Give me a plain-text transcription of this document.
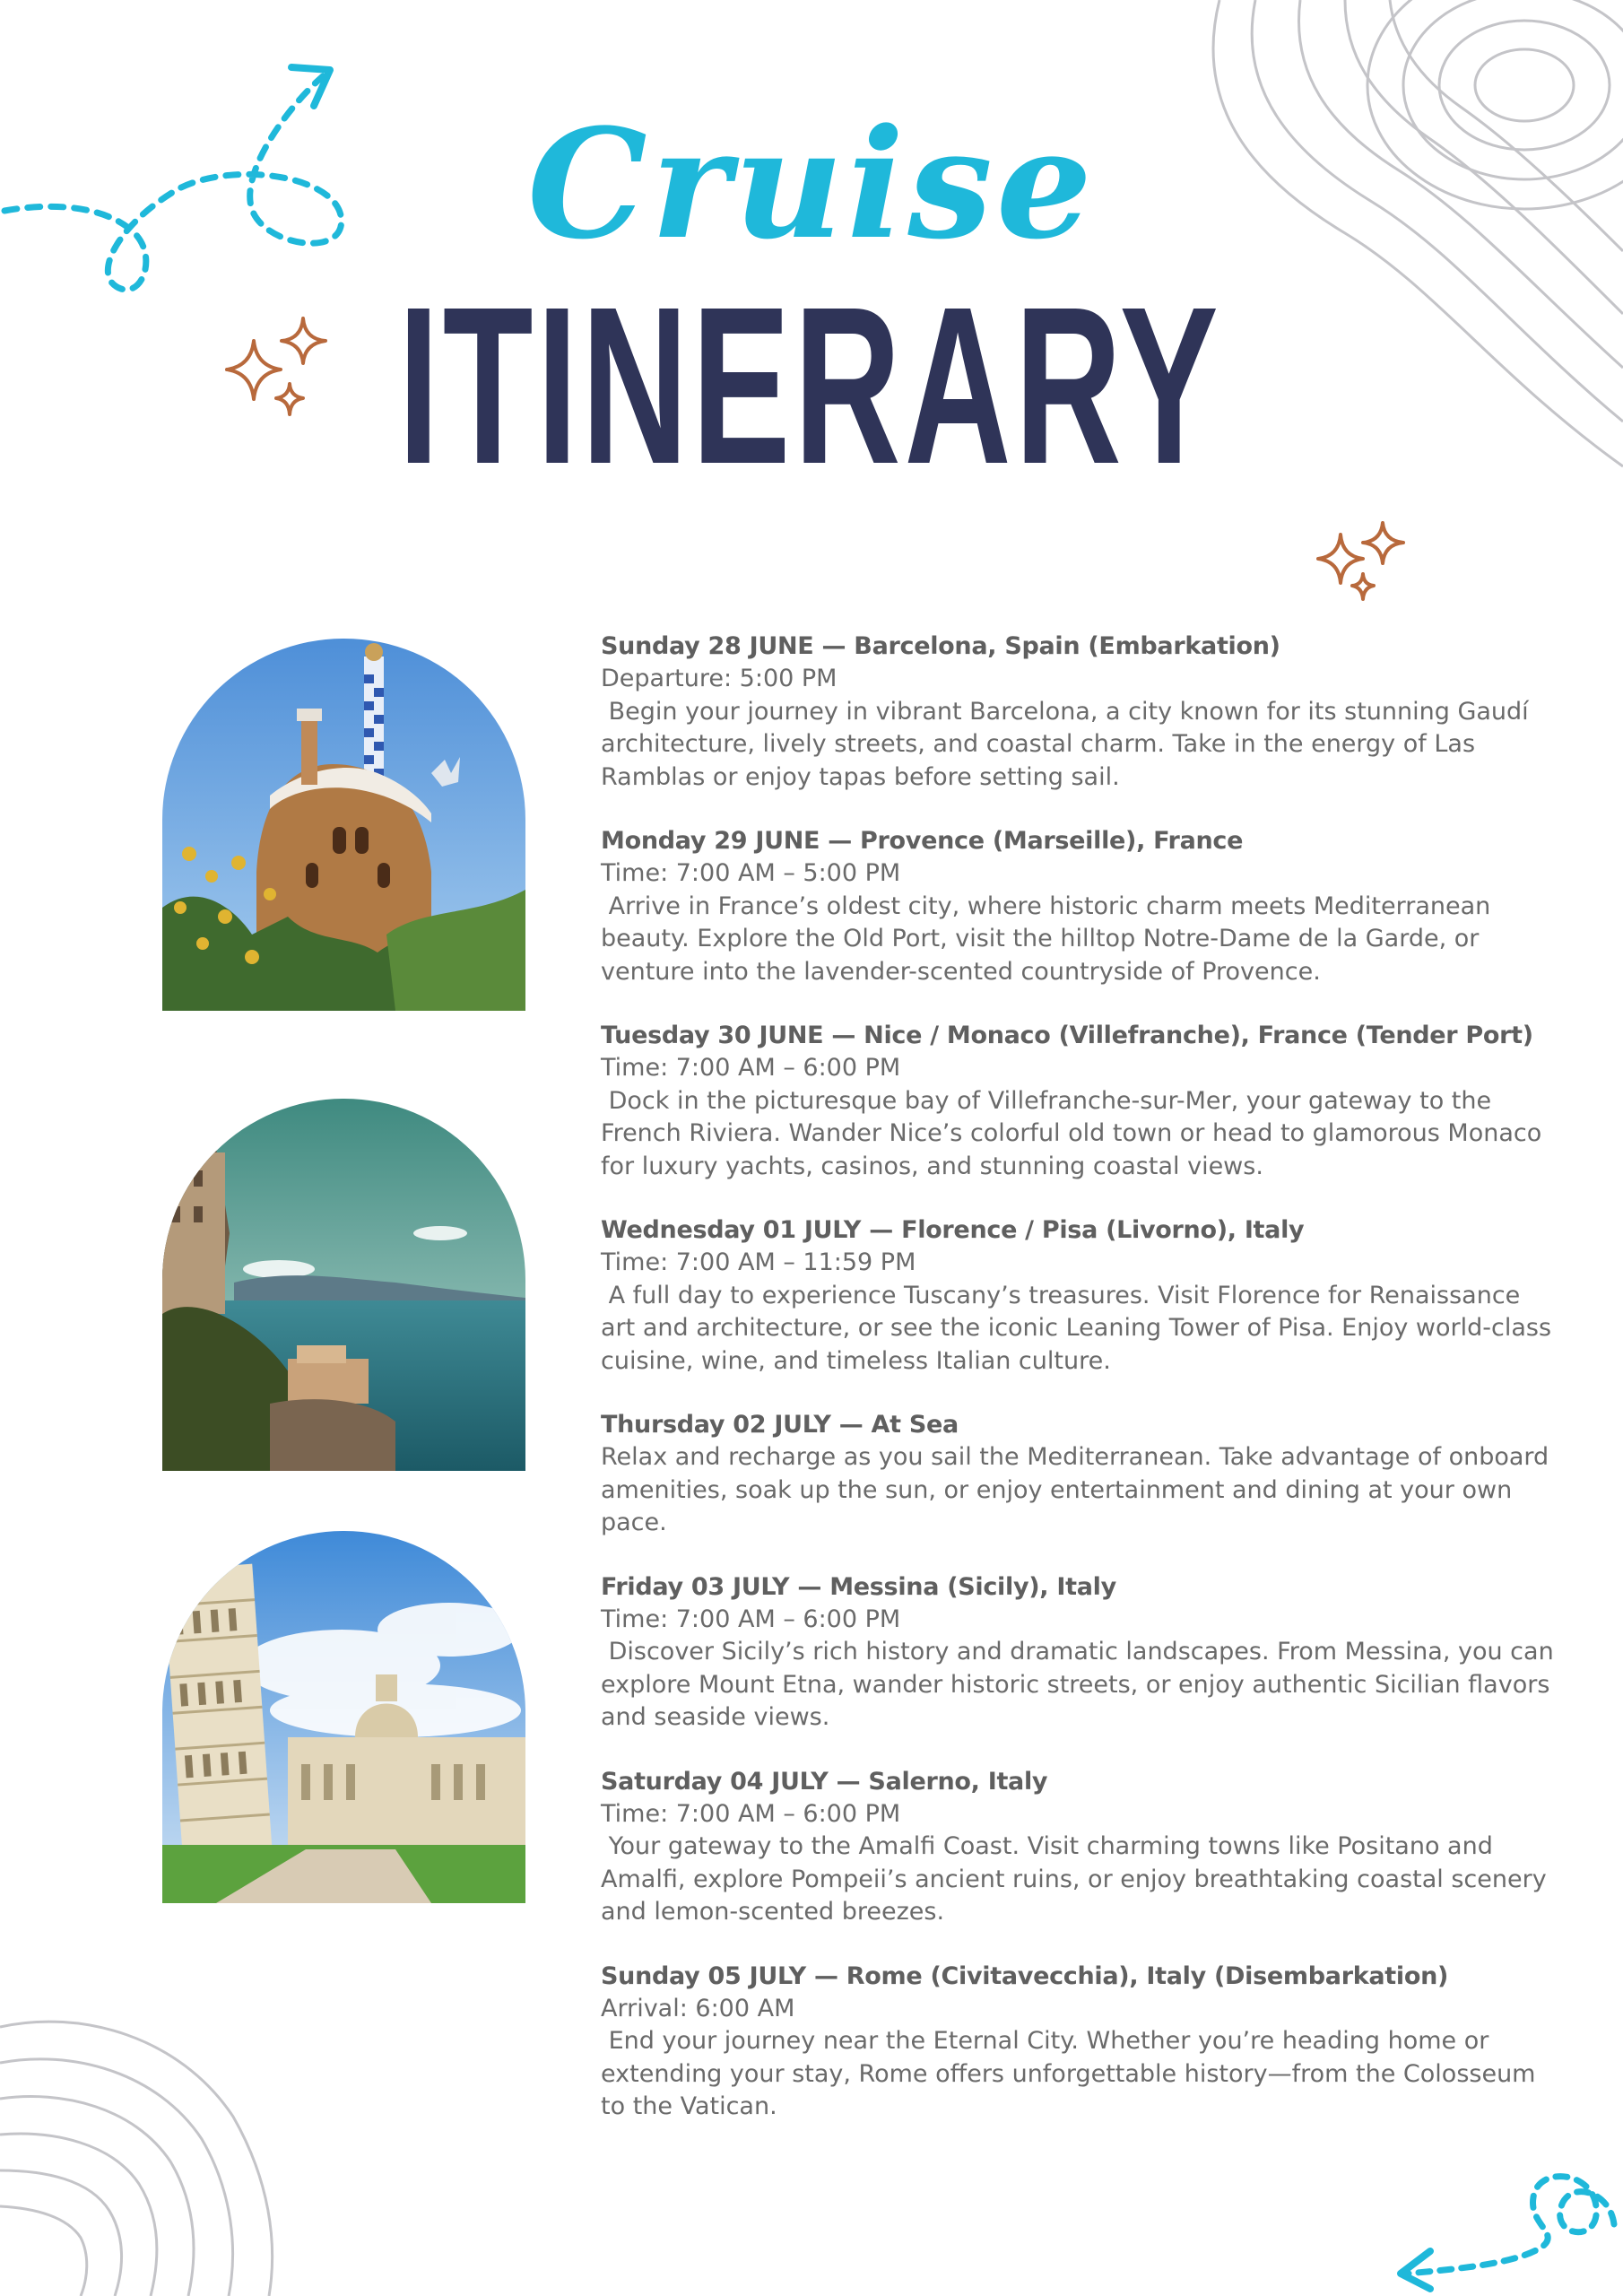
Cruise
ITINERARY

Sunday 28 JUNE — Barcelona, Spain (Embarkation)

Departure: 5:00 PM

Begin your journey in vibrant Barcelona, a city known for its stunning Gaudí architecture, lively streets, and coastal charm. Take in the energy of Las Ramblas or enjoy tapas before setting sail.

Monday 29 JUNE — Provence (Marseille), France

Time: 7:00 AM – 5:00 PM

Arrive in France’s oldest city, where historic charm meets Mediterranean beauty. Explore the Old Port, visit the hilltop Notre-Dame de la Garde, or venture into the lavender-scented countryside of Provence.

Tuesday 30 JUNE — Nice / Monaco (Villefranche), France (Tender Port)

Time: 7:00 AM – 6:00 PM

Dock in the picturesque bay of Villefranche-sur-Mer, your gateway to the French Riviera. Wander Nice’s colorful old town or head to glamorous Monaco for luxury yachts, casinos, and stunning coastal views.

Wednesday 01 JULY — Florence / Pisa (Livorno), Italy

Time: 7:00 AM – 11:59 PM

A full day to experience Tuscany’s treasures. Visit Florence for Renaissance art and architecture, or see the iconic Leaning Tower of Pisa. Enjoy world-class cuisine, wine, and timeless Italian culture.

Thursday 02 JULY — At Sea

Relax and recharge as you sail the Mediterranean. Take advantage of onboard amenities, soak up the sun, or enjoy entertainment and dining at your own pace.

Friday 03 JULY — Messina (Sicily), Italy

Time: 7:00 AM – 6:00 PM

Discover Sicily’s rich history and dramatic landscapes. From Messina, you can explore Mount Etna, wander historic streets, or enjoy authentic Sicilian flavors and seaside views.

Saturday 04 JULY — Salerno, Italy

Time: 7:00 AM – 6:00 PM

Your gateway to the Amalfi Coast. Visit charming towns like Positano and Amalfi, explore Pompeii’s ancient ruins, or enjoy breathtaking coastal scenery and lemon-scented breezes.

Sunday 05 JULY — Rome (Civitavecchia), Italy (Disembarkation)

Arrival: 6:00 AM

End your journey near the Eternal City. Whether you’re heading home or extending your stay, Rome offers unforgettable history—from the Colosseum to the Vatican.
